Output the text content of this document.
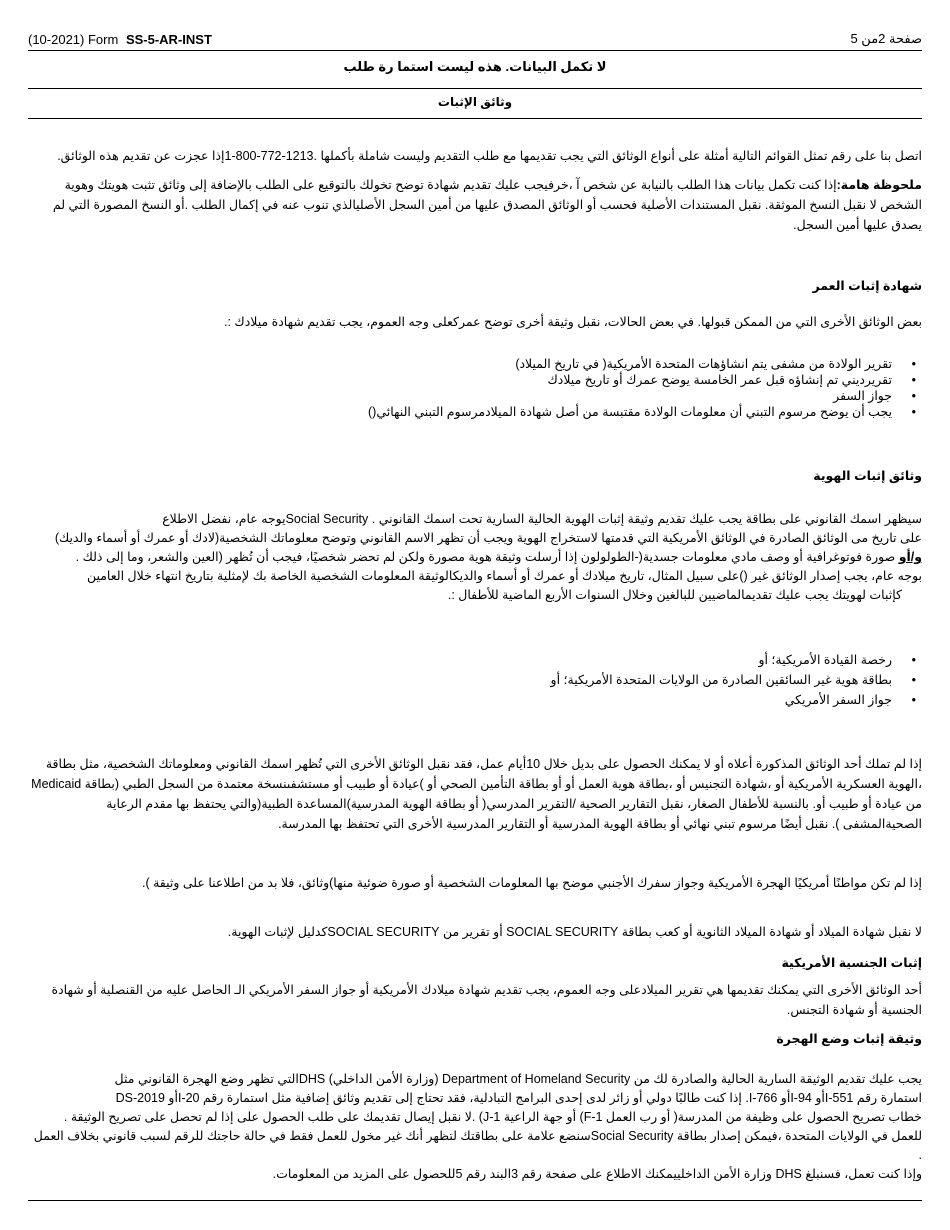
(10-2021) Form SS-5-AR-INST	صفحة 2من 5
لا تكمل البيانات. هذه ليست استما رة طلب
وثائق الإثبات
اتصل بنا على رقم تمثل القوائم التالية أمثلة على أنواع الوثائق التي يجب تقديمها مع طلب التقديم وليست شاملة بأكملها .1213-772-800-1إذا عجزت عن تقديم هذه الوثائق.
ملحوظة هامة:إذا كنت تكمل بيانات هذا الطلب بالنيابة عن شخص آ ،خرفيجب عليك تقديم شهادة توضح تخولك بالتوقيع على الطلب بالإضافة إلى وثائق تثبت هويتك وهوية الشخص لا نقبل النسخ الموثقة. نقبل المستندات الأصلية فحسب أو الوثائق المصدق عليها من أمين السجل الأصليالذي تنوب عنه في إكمال الطلب .أو النسخ المصورة التي لم يصدق عليها أمين السجل.
شهادة إثبات العمر
بعض الوثائق الأخرى التي من الممكن قبولها. في بعض الحالات، نقبل وثيقة أخرى توضح عمركعلى وجه العموم، يجب تقديم شهادة ميلادك :.
• تقرير الولادة من مشفى يتم انشاؤهات المتحدة الأمريكية( في تاريخ الميلاد)
• تقريرديني تم إنشاؤه قبل عمر الخامسة يوضح عمرك أو تاريخ ميلادك
• جواز السفر
• يجب أن يوضح مرسوم التبني أن معلومات الولادة مقتبسة من أصل شهادة الميلادمرسوم التبني النهائي()
وثائق إثبات الهوية
سيظهر اسمك القانوني على بطاقة يجب عليك تقديم وثيقة إثبات الهوية الحالية السارية تحت اسمك القانوني . Social Securityيوجه عام، نفضل الاطلاع
على تاريخ مى الوثائق الصادرة في الوثائق الأمريكية التي قدمتها لاستخراج الهوية ويجب أن تظهر الاسم القانوني وتوضح معلوماتك الشخصية(لادك أو عمرك أو أسماء والديك)
و/أو صورة فوتوغرافية أو وصف مادي معلومات جسدية(-الطولولون إذا أرسلت وثيقة هوية مصورة ولكن لم تحضر شخصيًا، فيجب أن تُظهر (العين والشعر، وما إلى ذلك .
بوجه عام، يجب إصدار الوثائق غير ()على سبيل المثال، تاريخ ميلادك أو عمرك أو أسماء والديكالوثيقة المعلومات الشخصية الخاصة بك لإمثلية بتاريخ انتهاء خلال العامين
كإثبات لهويتك يجب عليك تقديمالماضيين للبالغين وخلال السنوات الأربع الماضية للأطفال :.
• رخصة القيادة الأمريكية؛ أو
• بطاقة هوية غير السائقين الصادرة من الولايات المتحدة الأمريكية؛ أو
• جواز السفر الأمريكي
إذا لم تملك أحد الوثائق المذكورة أعلاه أو لا يمكنك الحصول على بديل خلال 10أيام عمل، فقد نقبل الوثائق الأخرى التي تُظهر اسمك القانوني ومعلوماتك الشخصية، مثل بطاقة ،الهوية العسكرية الأمريكية أو ،شهادة التجنيس أو ،بطاقة هوية العمل أو أو بطاقة التأمين الصحي أو )عيادة أو طبيب أو مستشفىنسخة معتمدة من السجل الطبي (بطاقة Medicaid من عيادة أو طبيب أو. بالنسبة للأطفال الصغار، نقبل التقارير الصحية /التقرير المدرسي( أو بطاقة الهوية المدرسية)المساعدة الطبية(والتي يحتفظ بها مقدم الرعاية الصحيةالمشفى ). نقبل أيضًا مرسوم تبني نهائي أو بطاقة الهوية المدرسية أو التقارير المدرسية الأخرى التي تحتفظ بها المدرسة.
إذا لم تكن مواطنًا أمريكيًا الهجرة الأمريكية وجواز سفرك الأجنبي موضح بها المعلومات الشخصية أو صورة ضوئية منها)وثائق، فلا بد من اطلاعنا على وثيقة ).
لا نقبل شهادة الميلاد أو شهادة الميلاد الثانوية أو كعب بطاقة SOCIAL SECURITY أو تقرير من SOCIAL SECURITYكدليل لإثبات الهوية.
إثبات الجنسية الأمريكية
أحد الوثائق الأخرى التي يمكنك تقديمها هي تقرير الميلادعلى وجه العموم، يجب تقديم شهادة ميلادك الأمريكية أو جواز السفر الأمريكي الـ الحاصل عليه من القنصلية أو شهادة الجنسية أو شهادة التجنس.
وثيقة إثبات وضع الهجرة
يجب عليك تقديم الوثيقة السارية الحالية والصادرة لك من Department of Homeland Security (وزارة الأمن الداخلي) DHSالتي تظهر وضع الهجرة القانوني مثل
استمارة رقم 551-Iأو 94-Iأو 766-I. إذا كنت طالبًا دولي أو زائر لدى إحدى البرامج التبادلية، فقد تحتاج إلى تقديم وثائق إضافية مثل استمارة رقم 20-Iأو DS-2019
خطاب تصريح الحصول على وظيفة من المدرسة( أو رب العمل F-1) أو جهة الراعية J-1) .لا نقبل إيصال تقديمك على طلب الحصول على إذا لم تحصل على تصريح الوثيقة .
للعمل في الولايات المتحدة ،فيمكن إصدار بطاقة Social Securityسنضع علامة على بطاقتك لتظهر أنك غير مخول للعمل فقط في حالة حاجتك للرقم لسبب قانوني بخلاف العمل .
وإذا كنت تعمل، فسنبلغ DHS وزارة الأمن الداخلييمكنك الاطلاع على صفحة رقم 3البند رقم 5للحصول على المزيد من المعلومات.
